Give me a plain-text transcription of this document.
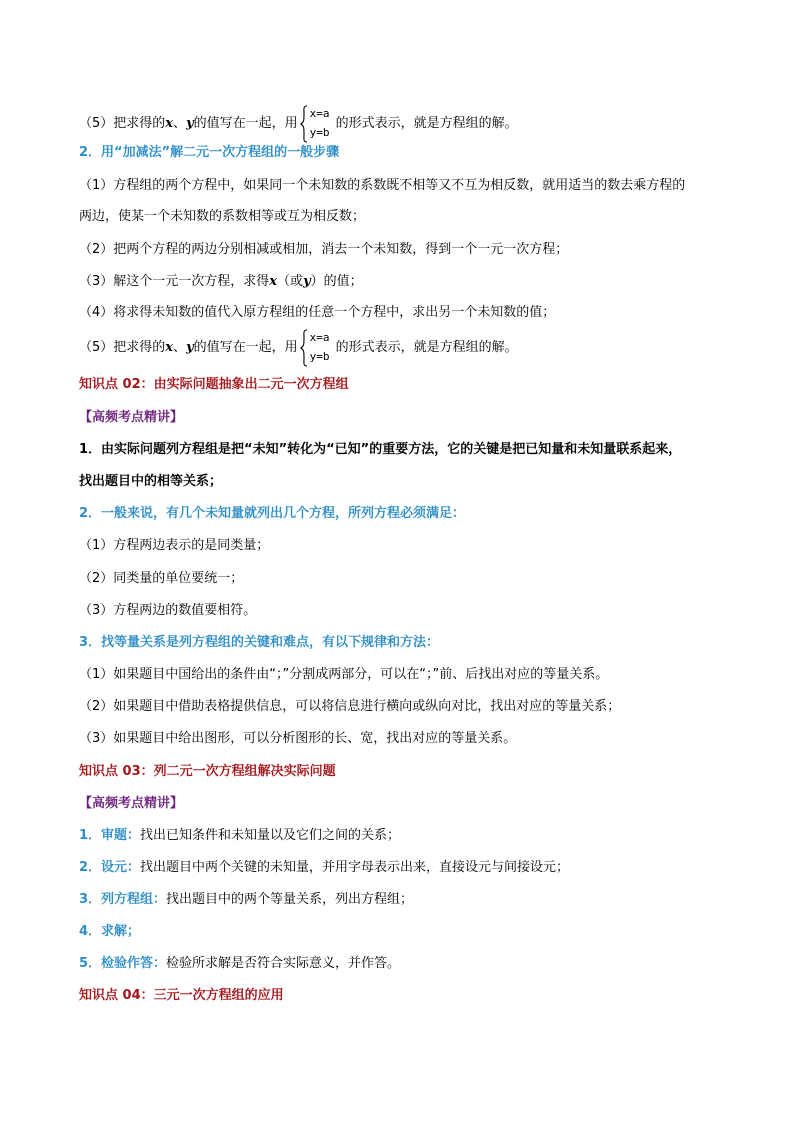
（5）把求得的x、y的值写在一起，用
x=a
y=b
的形式表示，就是方程组的解。
2．用“加减法”解二元一次方程组的一般步骤
（1）方程组的两个方程中，如果同一个未知数的系数既不相等又不互为相反数，就用适当的数去乘方程的
两边，使某一个未知数的系数相等或互为相反数；
（2）把两个方程的两边分别相减或相加，消去一个未知数，得到一个一元一次方程；
（3）解这个一元一次方程，求得x（或y）的值；
（4）将求得未知数的值代入原方程组的任意一个方程中，求出另一个未知数的值；
（5）把求得的x、y的值写在一起，用
x=a
y=b
的形式表示，就是方程组的解。
知识点 02：由实际问题抽象出二元一次方程组
【高频考点精讲】
1．由实际问题列方程组是把“未知”转化为“已知”的重要方法，它的关键是把已知量和未知量联系起来，
找出题目中的相等关系；
2．一般来说，有几个未知量就列出几个方程，所列方程必须满足：
（1）方程两边表示的是同类量；
（2）同类量的单位要统一；
（3）方程两边的数值要相符。
3．找等量关系是列方程组的关键和难点，有以下规律和方法：
（1）如果题目中国给出的条件由“；”分割成两部分，可以在“；”前、后找出对应的等量关系。
（2）如果题目中借助表格提供信息，可以将信息进行横向或纵向对比，找出对应的等量关系；
（3）如果题目中给出图形，可以分析图形的长、宽，找出对应的等量关系。
知识点 03：列二元一次方程组解决实际问题
【高频考点精讲】
1．审题：找出已知条件和未知量以及它们之间的关系；
2．设元：找出题目中两个关键的未知量，并用字母表示出来，直接设元与间接设元；
3．列方程组：找出题目中的两个等量关系，列出方程组；
4．求解；
5．检验作答：检验所求解是否符合实际意义，并作答。
知识点 04：三元一次方程组的应用
